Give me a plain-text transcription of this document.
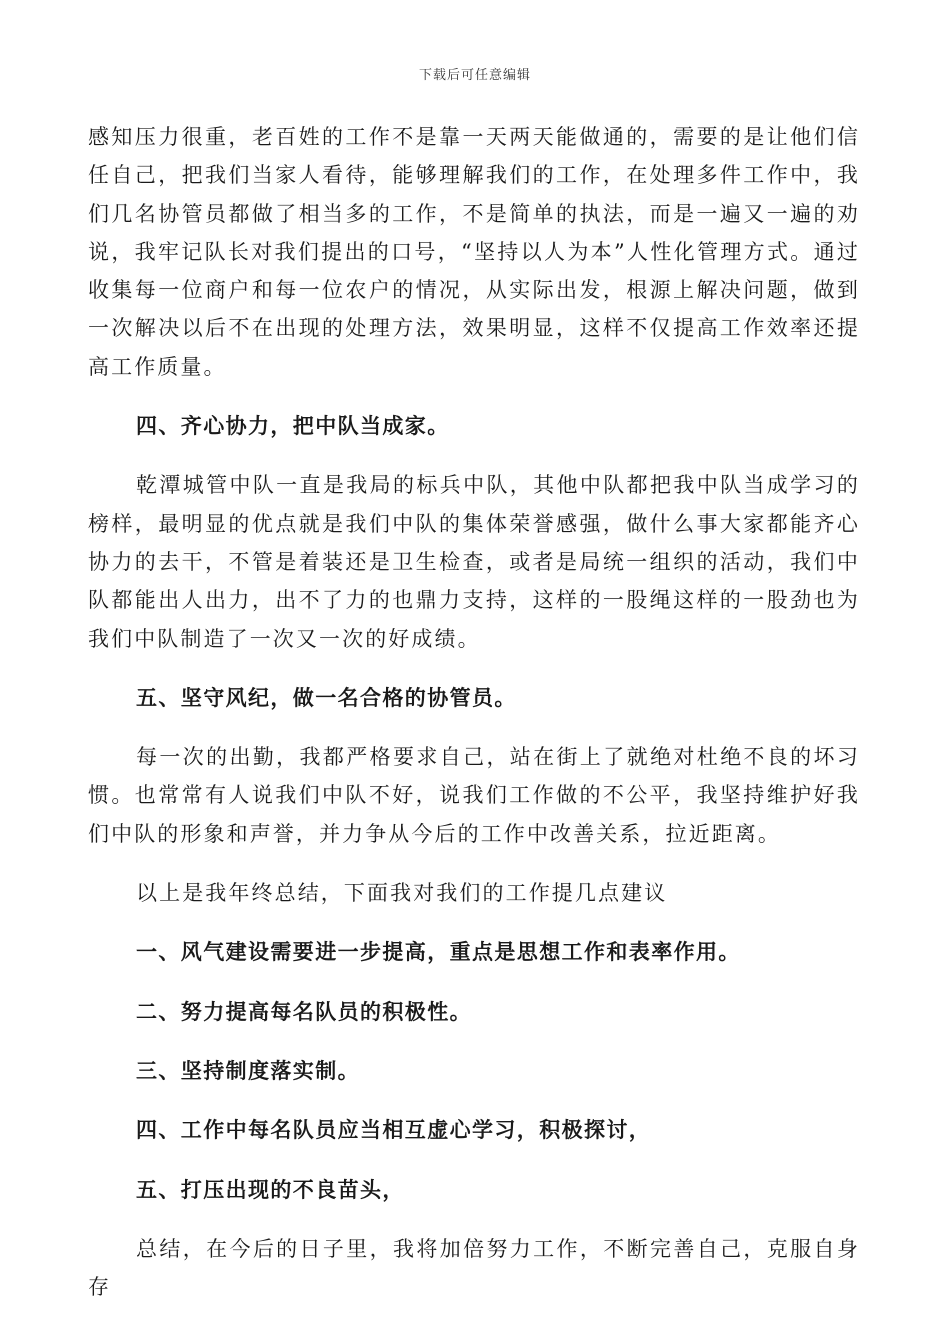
下载后可任意编辑

感知压力很重，老百姓的工作不是靠一天两天能做通的，需要的是让他们信任自己，把我们当家人看待，能够理解我们的工作，在处理多件工作中，我们几名协管员都做了相当多的工作，不是简单的执法，而是一遍又一遍的劝说，我牢记队长对我们提出的口号，“坚持以人为本”人性化管理方式。通过收集每一位商户和每一位农户的情况，从实际出发，根源上解决问题，做到一次解决以后不在出现的处理方法，效果明显，这样不仅提高工作效率还提高工作质量。

四、齐心协力，把中队当成家。

乾潭城管中队一直是我局的标兵中队，其他中队都把我中队当成学习的榜样，最明显的优点就是我们中队的集体荣誉感强，做什么事大家都能齐心协力的去干，不管是着装还是卫生检查，或者是局统一组织的活动，我们中队都能出人出力，出不了力的也鼎力支持，这样的一股绳这样的一股劲也为我们中队制造了一次又一次的好成绩。

五、坚守风纪，做一名合格的协管员。

每一次的出勤，我都严格要求自己，站在街上了就绝对杜绝不良的坏习惯。也常常有人说我们中队不好，说我们工作做的不公平，我坚持维护好我们中队的形象和声誉，并力争从今后的工作中改善关系，拉近距离。

以上是我年终总结，下面我对我们的工作提几点建议

一、风气建设需要进一步提高，重点是思想工作和表率作用。

二、努力提高每名队员的积极性。

三、坚持制度落实制。

四、工作中每名队员应当相互虚心学习，积极探讨，

五、打压出现的不良苗头，

总结，在今后的日子里，我将加倍努力工作，不断完善自己，克服自身存
